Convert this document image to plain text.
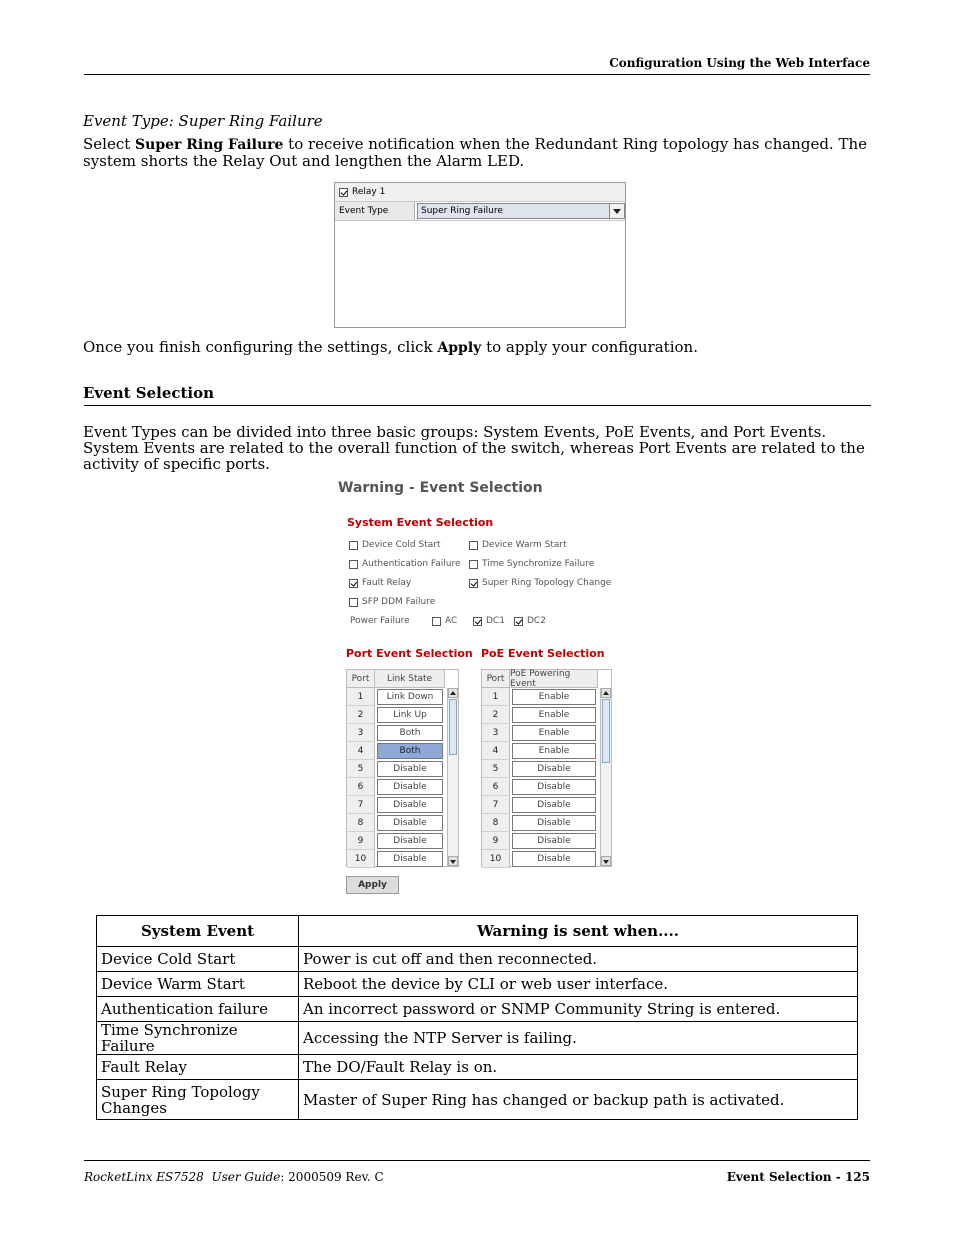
Configuration Using the Web Interface
Event Type: Super Ring Failure
Select Super Ring Failure to receive notification when the Redundant Ring topology has changed. The system shorts the Relay Out and lengthen the Alarm LED.
Relay 1
Event Type	Super Ring Failure
Once you finish configuring the settings, click Apply to apply your configuration.
Event Selection
Event Types can be divided into three basic groups: System Events, PoE Events, and Port Events. System Events are related to the overall function of the switch, whereas Port Events are related to the activity of specific ports.
Warning - Event Selection
System Event Selection
Device Cold Start	Device Warm Start
Authentication Failure Time Synchronize Failure
Fault Relay	Super Ring Topology Change
SFP DDM Failure
Power Failure	AC	DC1 DC2
Port Event Selection PoE Event Selection
Port	Link State
1	Link Down
2	Link Up
3	Both
4	Both
5	Disable
6	Disable
7	Disable
8	Disable
9	Disable
10	Disable
Port PoE Powering Event
1	Enable
2	Enable
3	Enable
4	Enable
5	Disable
6	Disable
7	Disable
8	Disable
9	Disable
10	Disable
Apply
System Event	Warning is sent when....
Device Cold Start	Power is cut off and then reconnected.
Device Warm Start	Reboot the device by CLI or web user interface.
Authentication failure	An incorrect password or SNMP Community String is entered.
Time Synchronize Failure	Accessing the NTP Server is failing.
Fault Relay	The DO/Fault Relay is on.
Super Ring Topology Changes	Master of Super Ring has changed or backup path is activated.
RocketLinx ES7528 User Guide: 2000509 Rev. C	Event Selection - 125
